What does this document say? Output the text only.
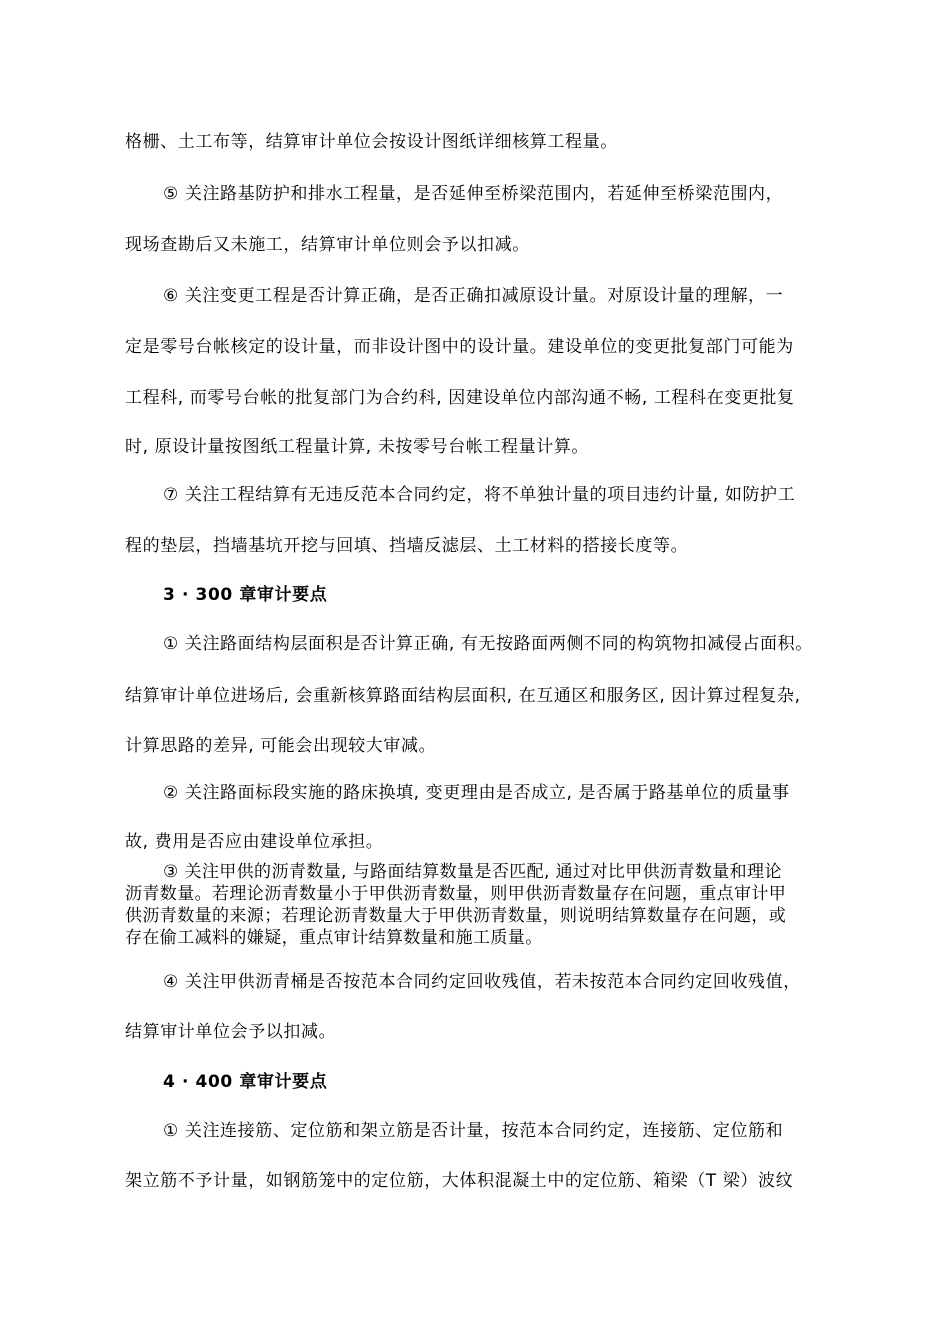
格栅、土工布等，结算审计单位会按设计图纸详细核算工程量。
⑤ 关注路基防护和排水工程量，是否延伸至桥梁范围内，若延伸至桥梁范围内，
现场查勘后又未施工，结算审计单位则会予以扣减。
⑥ 关注变更工程是否计算正确，是否正确扣减原设计量。对原设计量的理解，一
定是零号台帐核定的设计量，而非设计图中的设计量。建设单位的变更批复部门可能为
工程科, 而零号台帐的批复部门为合约科, 因建设单位内部沟通不畅, 工程科在变更批复
时, 原设计量按图纸工程量计算, 未按零号台帐工程量计算。
⑦ 关注工程结算有无违反范本合同约定，将不单独计量的项目违约计量, 如防护工
程的垫层，挡墙基坑开挖与回填、挡墙反滤层、土工材料的搭接长度等。
3 · 300 章审计要点
① 关注路面结构层面积是否计算正确, 有无按路面两侧不同的构筑物扣减侵占面积。
结算审计单位进场后, 会重新核算路面结构层面积, 在互通区和服务区, 因计算过程复杂,
计算思路的差异, 可能会出现较大审减。
② 关注路面标段实施的路床换填, 变更理由是否成立, 是否属于路基单位的质量事
故, 费用是否应由建设单位承担。
③ 关注甲供的沥青数量, 与路面结算数量是否匹配, 通过对比甲供沥青数量和理论
沥青数量。若理论沥青数量小于甲供沥青数量，则甲供沥青数量存在问题，重点审计甲
供沥青数量的来源；若理论沥青数量大于甲供沥青数量，则说明结算数量存在问题，或
存在偷工减料的嫌疑，重点审计结算数量和施工质量。
④ 关注甲供沥青桶是否按范本合同约定回收残值，若未按范本合同约定回收残值，
结算审计单位会予以扣减。
4 · 400 章审计要点
① 关注连接筋、定位筋和架立筋是否计量，按范本合同约定，连接筋、定位筋和
架立筋不予计量，如钢筋笼中的定位筋，大体积混凝土中的定位筋、箱梁（T 梁）波纹
